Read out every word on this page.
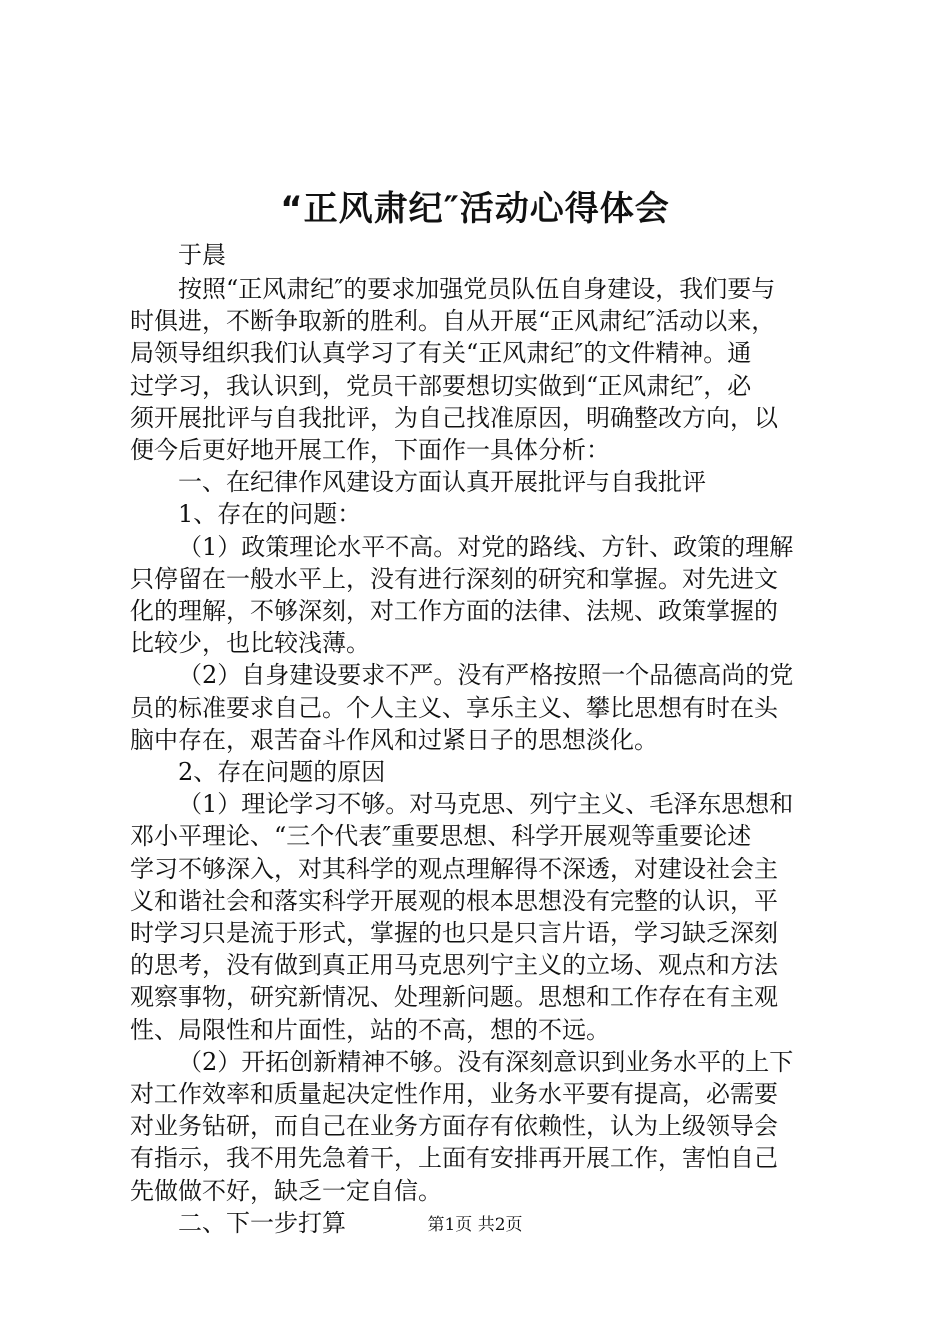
“正风肃纪″活动心得体会
于晨
按照“正风肃纪″的要求加强党员队伍自身建设，我们要与
时俱进，不断争取新的胜利。自从开展“正风肃纪″活动以来，
局领导组织我们认真学习了有关“正风肃纪″的文件精神。通
过学习，我认识到，党员干部要想切实做到“正风肃纪″，必
须开展批评与自我批评，为自己找准原因，明确整改方向，以
便今后更好地开展工作，下面作一具体分析：
一、在纪律作风建设方面认真开展批评与自我批评
1、存在的问题：
（1）政策理论水平不高。对党的路线、方针、政策的理解
只停留在一般水平上，没有进行深刻的研究和掌握。对先进文
化的理解，不够深刻，对工作方面的法律、法规、政策掌握的
比较少，也比较浅薄。
（2）自身建设要求不严。没有严格按照一个品德高尚的党
员的标准要求自己。个人主义、享乐主义、攀比思想有时在头
脑中存在，艰苦奋斗作风和过紧日子的思想淡化。
2、存在问题的原因
（1）理论学习不够。对马克思、列宁主义、毛泽东思想和
邓小平理论、“三个代表″重要思想、科学开展观等重要论述
学习不够深入，对其科学的观点理解得不深透，对建设社会主
义和谐社会和落实科学开展观的根本思想没有完整的认识，平
时学习只是流于形式，掌握的也只是只言片语，学习缺乏深刻
的思考，没有做到真正用马克思列宁主义的立场、观点和方法
观察事物，研究新情况、处理新问题。思想和工作存在有主观
性、局限性和片面性，站的不高，想的不远。
（2）开拓创新精神不够。没有深刻意识到业务水平的上下
对工作效率和质量起决定性作用，业务水平要有提高，必需要
对业务钻研，而自己在业务方面存有依赖性，认为上级领导会
有指示，我不用先急着干，上面有安排再开展工作，害怕自己
先做做不好，缺乏一定自信。
二、下一步打算	第1页 共2页
